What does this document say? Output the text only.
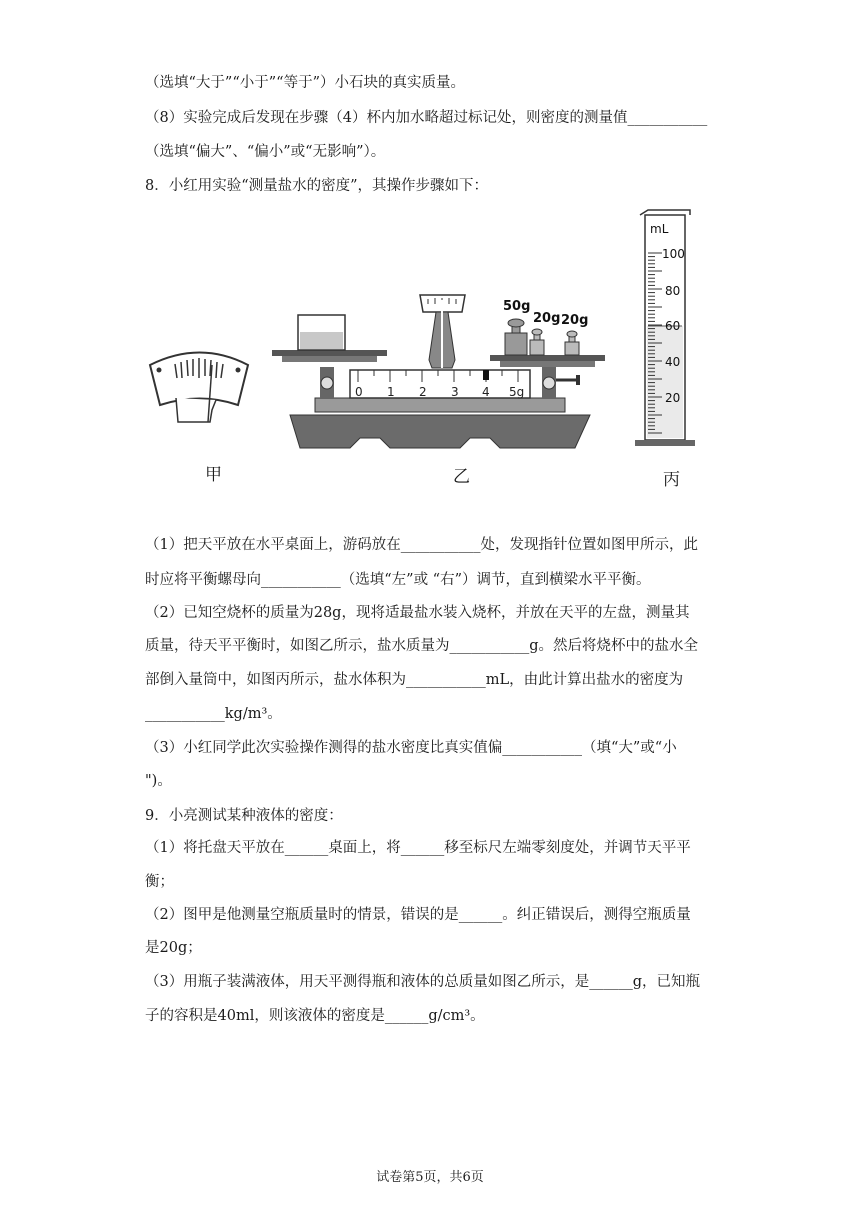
（选填“大于”“小于”“等于”）小石块的真实质量。
（8）实验完成后发现在步骤（4）杯内加水略超过标记处，则密度的测量值___________
（选填“偏大”、“偏小”或“无影响”）。
8．小红用实验“测量盐水的密度”，其操作步骤如下：
0 1 2 3 4 5g
50g
20g 20g
mL
100
80
60
40
20
甲	乙	丙
（1）把天平放在水平桌面上，游码放在___________处，发现指针位置如图甲所示，此
时应将平衡螺母向___________（选填“左”或 “右”）调节，直到横梁水平平衡。
（2）已知空烧杯的质量为28g，现将适最盐水装入烧杯，并放在天平的左盘，测量其
质量，待天平平衡时，如图乙所示，盐水质量为___________g。然后将烧杯中的盐水全
部倒入量筒中，如图丙所示，盐水体积为___________mL，由此计算出盐水的密度为
___________kg/m³。
（3）小红同学此次实验操作测得的盐水密度比真实值偏___________（填“大”或“小
")。
9．小亮测试某种液体的密度：
（1）将托盘天平放在______桌面上，将______移至标尺左端零刻度处，并调节天平平
衡；
（2）图甲是他测量空瓶质量时的情景，错误的是______。纠正错误后，测得空瓶质量
是20g；
（3）用瓶子装满液体，用天平测得瓶和液体的总质量如图乙所示，是______g，已知瓶
子的容积是40ml，则该液体的密度是______g/cm³。
试卷第5页，共6页
